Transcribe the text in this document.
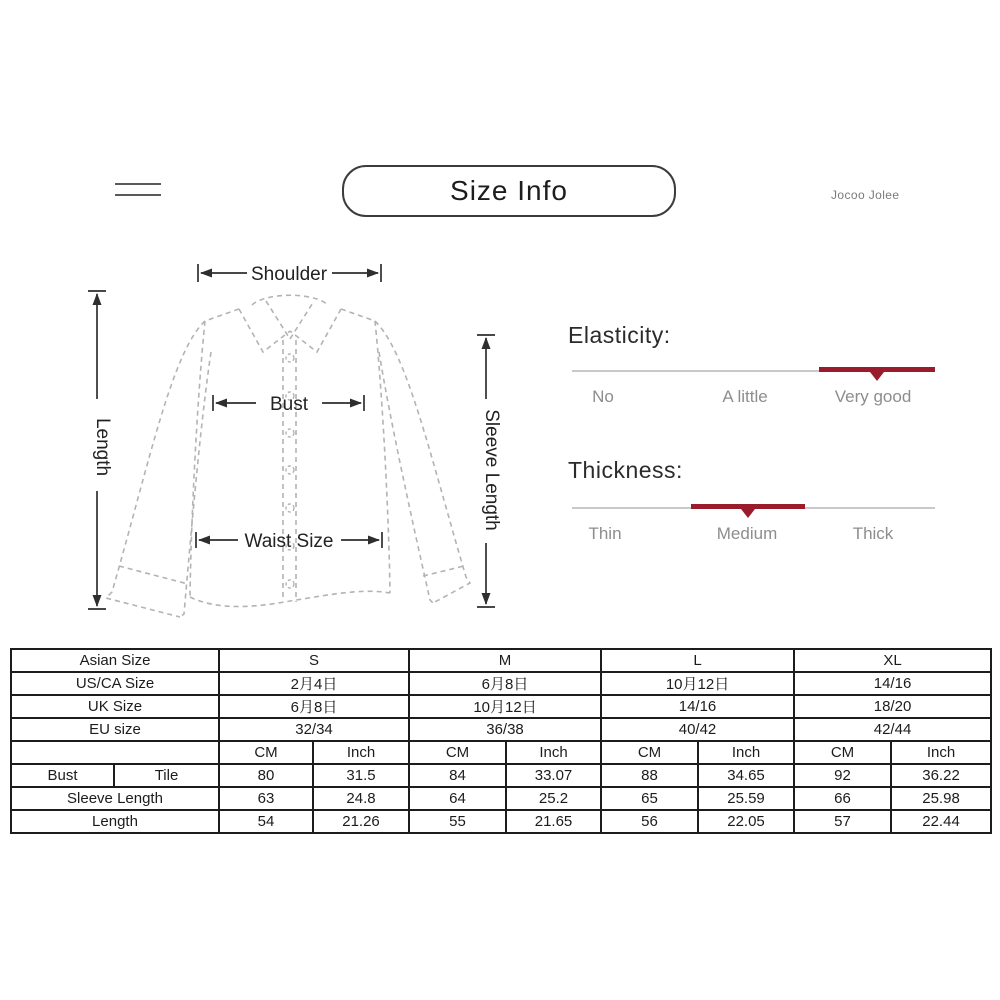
Size Info	Jocoo Jolee
Shoulder
Bust
Waist Size
Length	Sleeve Length
Elasticity:
No	A little	Very good
Thickness:
Thin	Medium	Thick
Asian Size		S		M		L		XL	
US/CA Size		2月4日		6月8日		10月12日		14/16	
UK Size		6月8日		10月12日		14/16		18/20	
EU size		32/34		36/38		40/42		42/44	
		CM	Inch	CM	Inch	CM	Inch	CM	Inch
Bust	Tile	80	31.5	84	33.07	88	34.65	92	36.22
Sleeve Length		63	24.8	64	25.2	65	25.59	66	25.98
Length		54	21.26	55	21.65	56	22.05	57	22.44
